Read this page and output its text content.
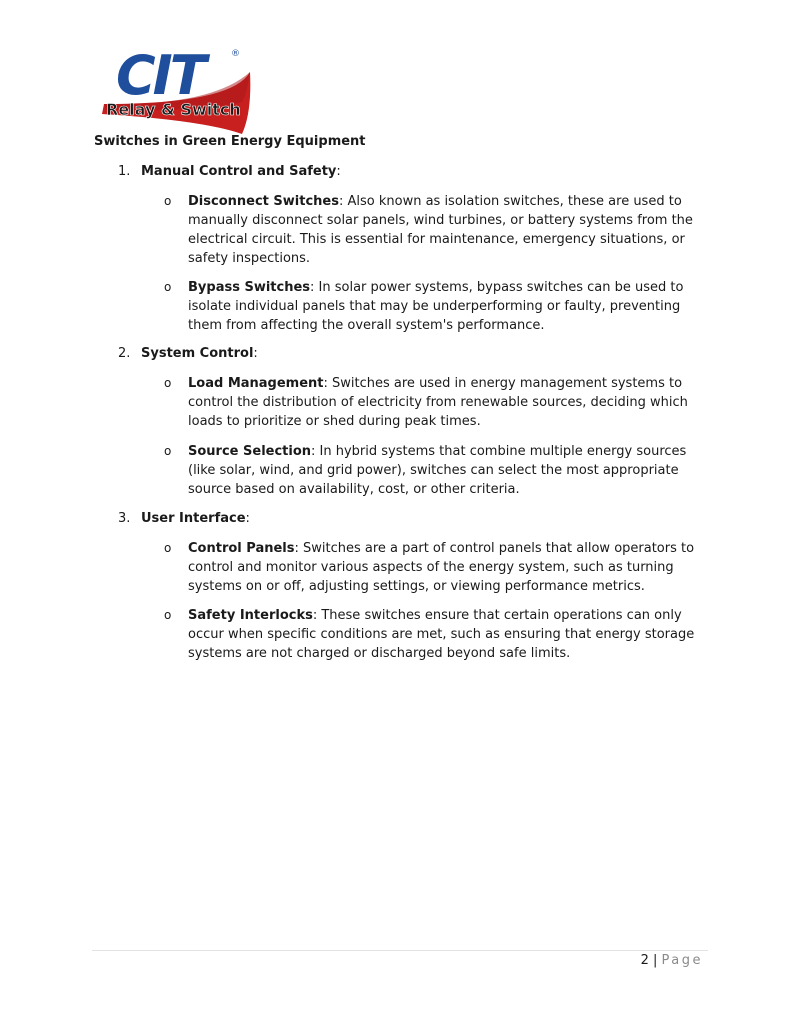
CIT	®
Relay & Switch
Switches in Green Energy Equipment
1. Manual Control and Safety:
o Disconnect Switches: Also known as isolation switches, these are used to manually disconnect solar panels, wind turbines, or battery systems from the electrical circuit. This is essential for maintenance, emergency situations, or safety inspections.
o Bypass Switches: In solar power systems, bypass switches can be used to isolate individual panels that may be underperforming or faulty, preventing them from affecting the overall system's performance.
2. System Control:
o Load Management: Switches are used in energy management systems to control the distribution of electricity from renewable sources, deciding which loads to prioritize or shed during peak times.
o Source Selection: In hybrid systems that combine multiple energy sources (like solar, wind, and grid power), switches can select the most appropriate source based on availability, cost, or other criteria.
3. User Interface:
o Control Panels: Switches are a part of control panels that allow operators to control and monitor various aspects of the energy system, such as turning systems on or off, adjusting settings, or viewing performance metrics.
o Safety Interlocks: These switches ensure that certain operations can only occur when specific conditions are met, such as ensuring that energy storage systems are not charged or discharged beyond safe limits.
2 | Page
